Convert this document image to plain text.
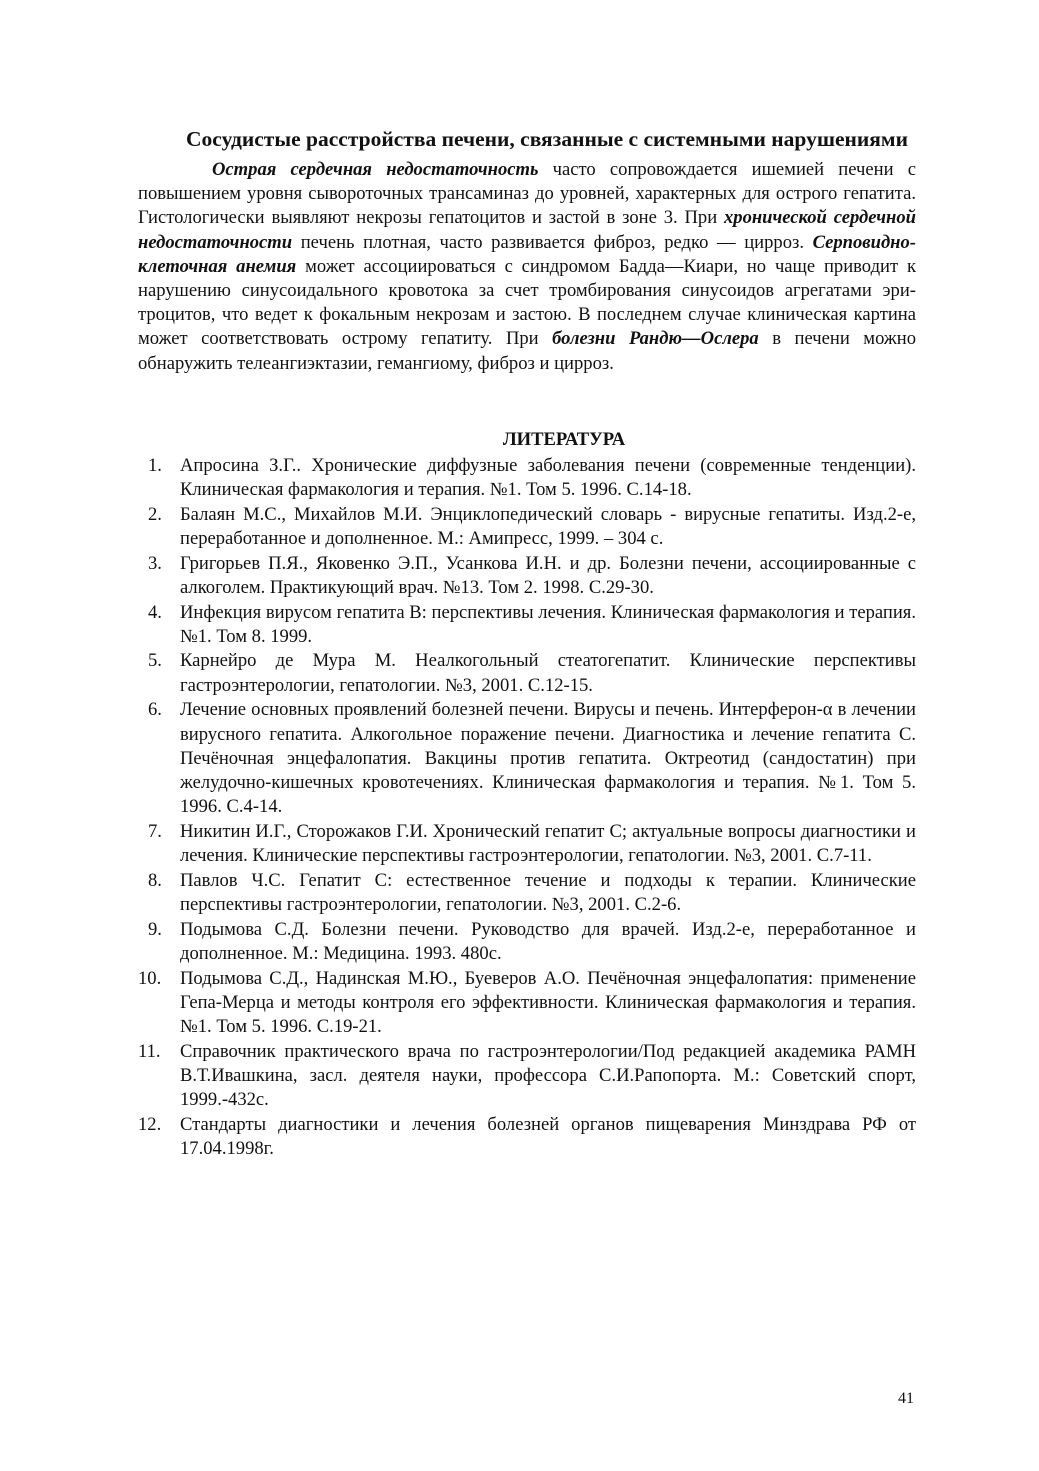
Сосудистые расстройства печени, связанные с системными нарушениями

Острая сердечная недостаточность часто сопровождается ишемией печени с повышением уровня сывороточных трансаминаз до уровней, характерных для острого гепатита. Гистологически выявляют некрозы гепатоцитов и застой в зоне 3. При хронической сердечной недостаточности печень плотная, часто развивается фиброз, редко — цирроз. Серповидно-клеточная анемия может ассоциироваться с синдромом Бадда—Киари, но чаще приводит к нарушению синусоидального кровотока за счет тромбирования синусоидов агрегатами эритроцитов, что ведет к фокальным некрозам и застою. В последнем случае клиническая картина может соответствовать острому гепатиту. При болезни Рандю—Ослера в печени можно обнаружить телеангиэктазии, гемангиому, фиброз и цирроз.

ЛИТЕРАТУРА
1. Апросина З.Г.. Хронические диффузные заболевания печени (современные тенденции). Клиническая фармакология и терапия. №1. Том 5. 1996. С.14-18.
2. Балаян М.С., Михайлов М.И. Энциклопедический словарь - вирусные гепатиты. Изд.2-е, переработанное и дополненное. М.: Амипресс, 1999. – 304 с.
3. Григорьев П.Я., Яковенко Э.П., Усанкова И.Н. и др. Болезни печени, ассоциированные с алкоголем. Практикующий врач. №13. Том 2. 1998. С.29-30.
4. Инфекция вирусом гепатита В: перспективы лечения. Клиническая фармакология и терапия. №1. Том 8. 1999.
5. Карнейро де Мура М. Неалкогольный стеатогепатит. Клинические перспективы гастроэнтерологии, гепатологии. №3, 2001. С.12-15.
6. Лечение основных проявлений болезней печени. Вирусы и печень. Интерферон-α в лечении вирусного гепатита. Алкогольное поражение печени. Диагностика и лечение гепатита С. Печёночная энцефалопатия. Вакцины против гепатита. Октреотид (сандостатин) при желудочно-кишечных кровотечениях. Клиническая фармакология и терапия. №1. Том 5. 1996. С.4-14.
7. Никитин И.Г., Сторожаков Г.И. Хронический гепатит С; актуальные вопросы диагностики и лечения. Клинические перспективы гастроэнтерологии, гепатологии. №3, 2001. С.7-11.
8. Павлов Ч.С. Гепатит С: естественное течение и подходы к терапии. Клинические перспективы гастроэнтерологии, гепатологии. №3, 2001. С.2-6.
9. Подымова С.Д. Болезни печени. Руководство для врачей. Изд.2-е, переработанное и дополненное. М.: Медицина. 1993. 480с.
10. Подымова С.Д., Надинская М.Ю., Буеверов А.О. Печёночная энцефалопатия: применение Гепа-Мерца и методы контроля его эффективности. Клиническая фармакология и терапия. №1. Том 5. 1996. С.19-21.
11. Справочник практического врача по гастроэнтерологии/Под редакцией академика РАМН В.Т.Ивашкина, засл. деятеля науки, профессора С.И.Рапопорта. М.: Советский спорт, 1999.-432с.
12. Стандарты диагностики и лечения болезней органов пищеварения Минздрава РФ от 17.04.1998г.
41
